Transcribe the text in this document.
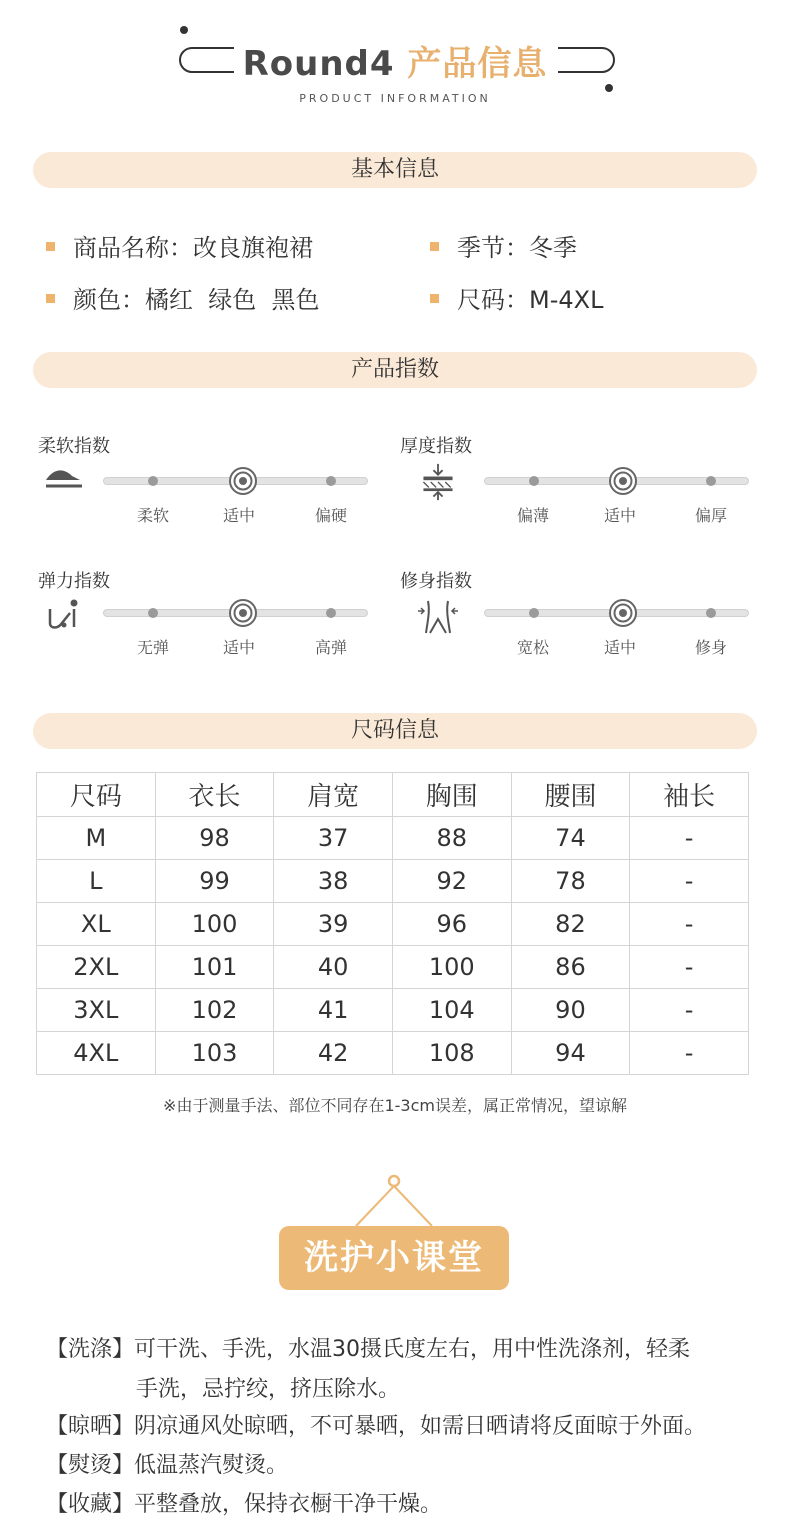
Round4 产品信息
PRODUCT INFORMATION
基本信息
商品名称：改良旗袍裙	季节：冬季
颜色：橘红  绿色  黑色	尺码：M-4XL
产品指数
柔软指数
柔软	适中	偏硬
厚度指数
偏薄	适中	偏厚
弹力指数
无弹	适中	高弹
修身指数
宽松	适中	修身
尺码信息
尺码	衣长	肩宽	胸围	腰围	袖长
M	98	37	88	74	-
L	99	38	92	78	-
XL	100	39	96	82	-
2XL	101	40	100	86	-
3XL	102	41	104	90	-
4XL	103	42	108	94	-
※由于测量手法、部位不同存在1-3cm误差，属正常情况，望谅解
洗护小课堂
【洗涤】可干洗、手洗，水温30摄氏度左右，用中性洗涤剂，轻柔
手洗，忌拧绞，挤压除水。
【晾晒】阴凉通风处晾晒，不可暴晒，如需日晒请将反面晾于外面。
【熨烫】低温蒸汽熨烫。
【收藏】平整叠放，保持衣橱干净干燥。
